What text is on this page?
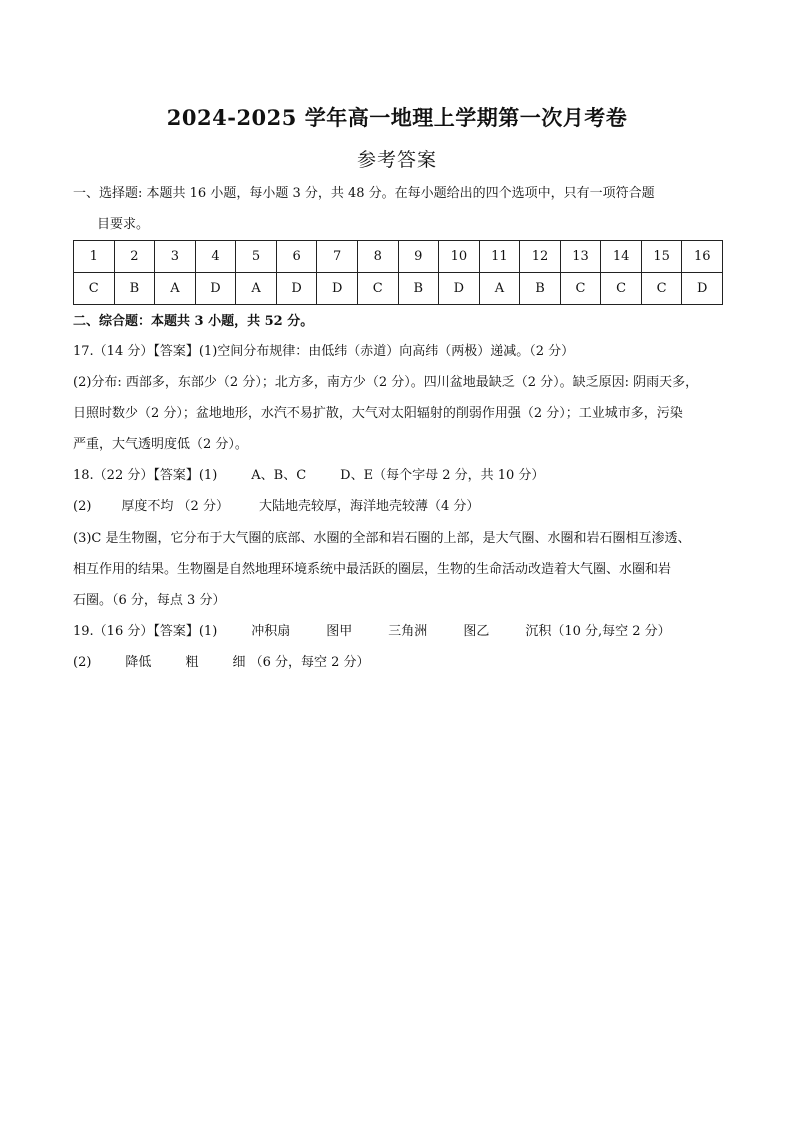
2024-2025 学年高一地理上学期第一次月考卷
参考答案
一、选择题: 本题共 16 小题，每小题 3 分，共 48 分。在每小题给出的四个选项中，只有一项符合题
目要求。
1	2	3	4	5	6	7	8	9	10	11	12	13	14	15	16
C	B	A	D	A	D	D	C	B	D	A	B	C	C	C	D
二、综合题：本题共 3 小题，共 52 分。
17.（14 分）【答案】(1)空间分布规律：由低纬（赤道）向高纬（两极）递减。（2 分）
(2)分布: 西部多，东部少（2 分）；北方多，南方少（2 分）。四川盆地最缺乏（2 分）。缺乏原因: 阴雨天多，
日照时数少（2 分）；盆地地形，水汽不易扩散，大气对太阳辐射的削弱作用强（2 分）；工业城市多，污染
严重，大气透明度低（2 分）。
18.（22 分）【答案】(1)	A、B、C	D、E（每个字母 2 分，共 10 分）
(2) 厚度不均 （2 分） 大陆地壳较厚，海洋地壳较薄（4 分）
(3)C 是生物圈，它分布于大气圈的底部、水圈的全部和岩石圈的上部，是大气圈、水圈和岩石圈相互渗透、
相互作用的结果。生物圈是自然地理环境系统中最活跃的圈层，生物的生命活动改造着大气圈、水圈和岩
石圈。（6 分，每点 3 分）
19.（16 分）【答案】(1)	冲积扇	图甲	三角洲	图乙	沉积（10 分,每空 2 分）
(2)	降低	粗	细 （6 分，每空 2 分）
